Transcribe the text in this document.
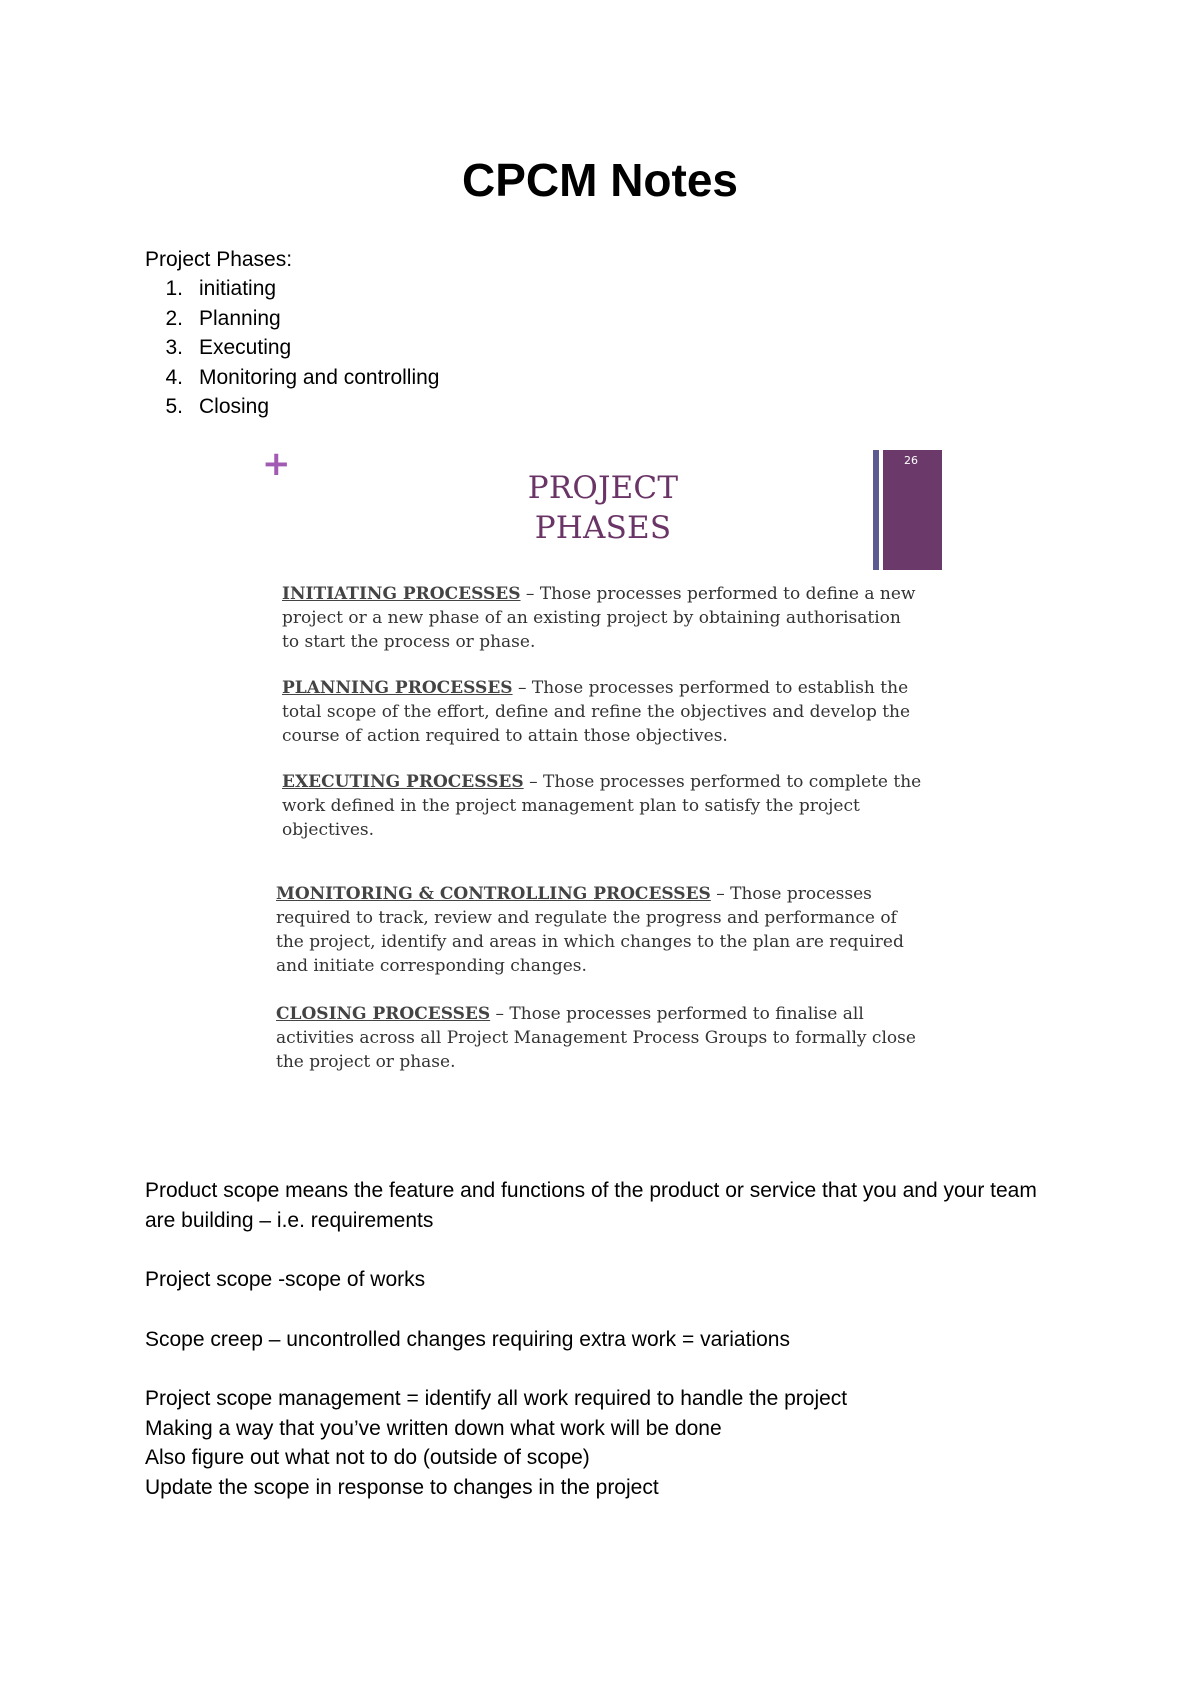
CPCM Notes
Project Phases:
1. initiating
2. Planning
3. Executing
4. Monitoring and controlling
5. Closing
+
PROJECT PHASES
26
INITIATING PROCESSES – Those processes performed to define a new project or a new phase of an existing project by obtaining authorisation to start the process or phase.
PLANNING PROCESSES – Those processes performed to establish the total scope of the effort, define and refine the objectives and develop the course of action required to attain those objectives.
EXECUTING PROCESSES – Those processes performed to complete the work defined in the project management plan to satisfy the project objectives.
MONITORING & CONTROLLING PROCESSES – Those processes required to track, review and regulate the progress and performance of the project, identify and areas in which changes to the plan are required and initiate corresponding changes.
CLOSING PROCESSES – Those processes performed to finalise all activities across all Project Management Process Groups to formally close the project or phase.
Product scope means the feature and functions of the product or service that you and your team are building – i.e. requirements
Project scope -scope of works
Scope creep – uncontrolled changes requiring extra work = variations
Project scope management = identify all work required to handle the project
Making a way that you’ve written down what work will be done
Also figure out what not to do (outside of scope)
Update the scope in response to changes in the project
